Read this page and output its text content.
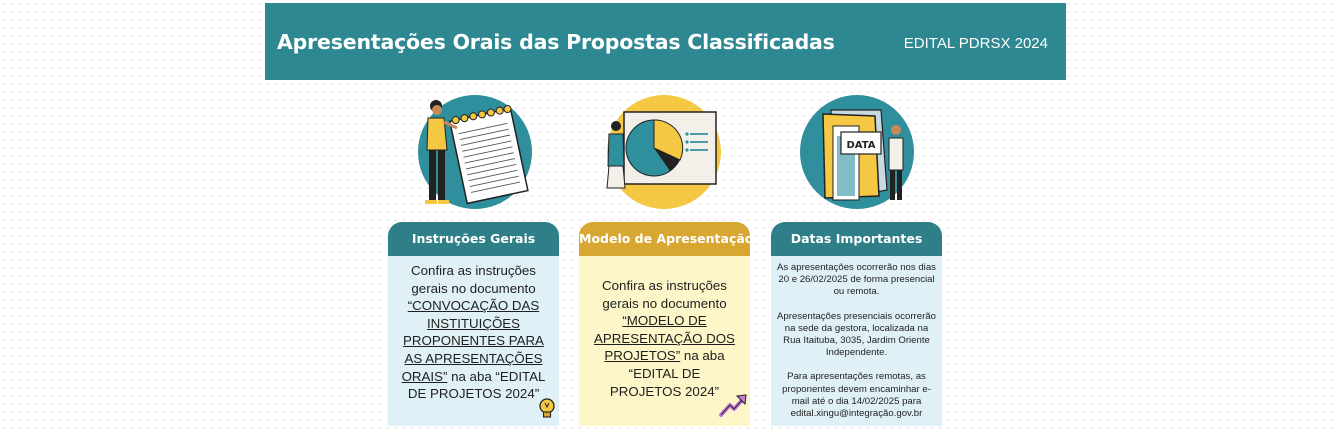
Apresentações Orais das Propostas Classificadas	EDITAL PDRSX 2024
DATA
Instruções Gerais
Confira as instruções gerais no documento “CONVOCAÇÃO DAS INSTITUIÇÕES PROPONENTES PARA AS APRESENTAÇÕES ORAIS” na aba “EDITAL DE PROJETOS 2024”
Modelo de Apresentação
Confira as instruções gerais no documento “MODELO DE APRESENTAÇÃO DOS PROJETOS” na aba “EDITAL DE PROJETOS 2024”
Datas Importantes
As apresentações ocorrerão nos dias 20 e 26/02/2025 de forma presencial ou remota.
Apresentações presenciais ocorrerão na sede da gestora, localizada na Rua Itaituba, 3035, Jardim Oriente Independente.
Para apresentações remotas, as proponentes devem encaminhar e-mail até o dia 14/02/2025 para edital.xingu@integração.gov.br
